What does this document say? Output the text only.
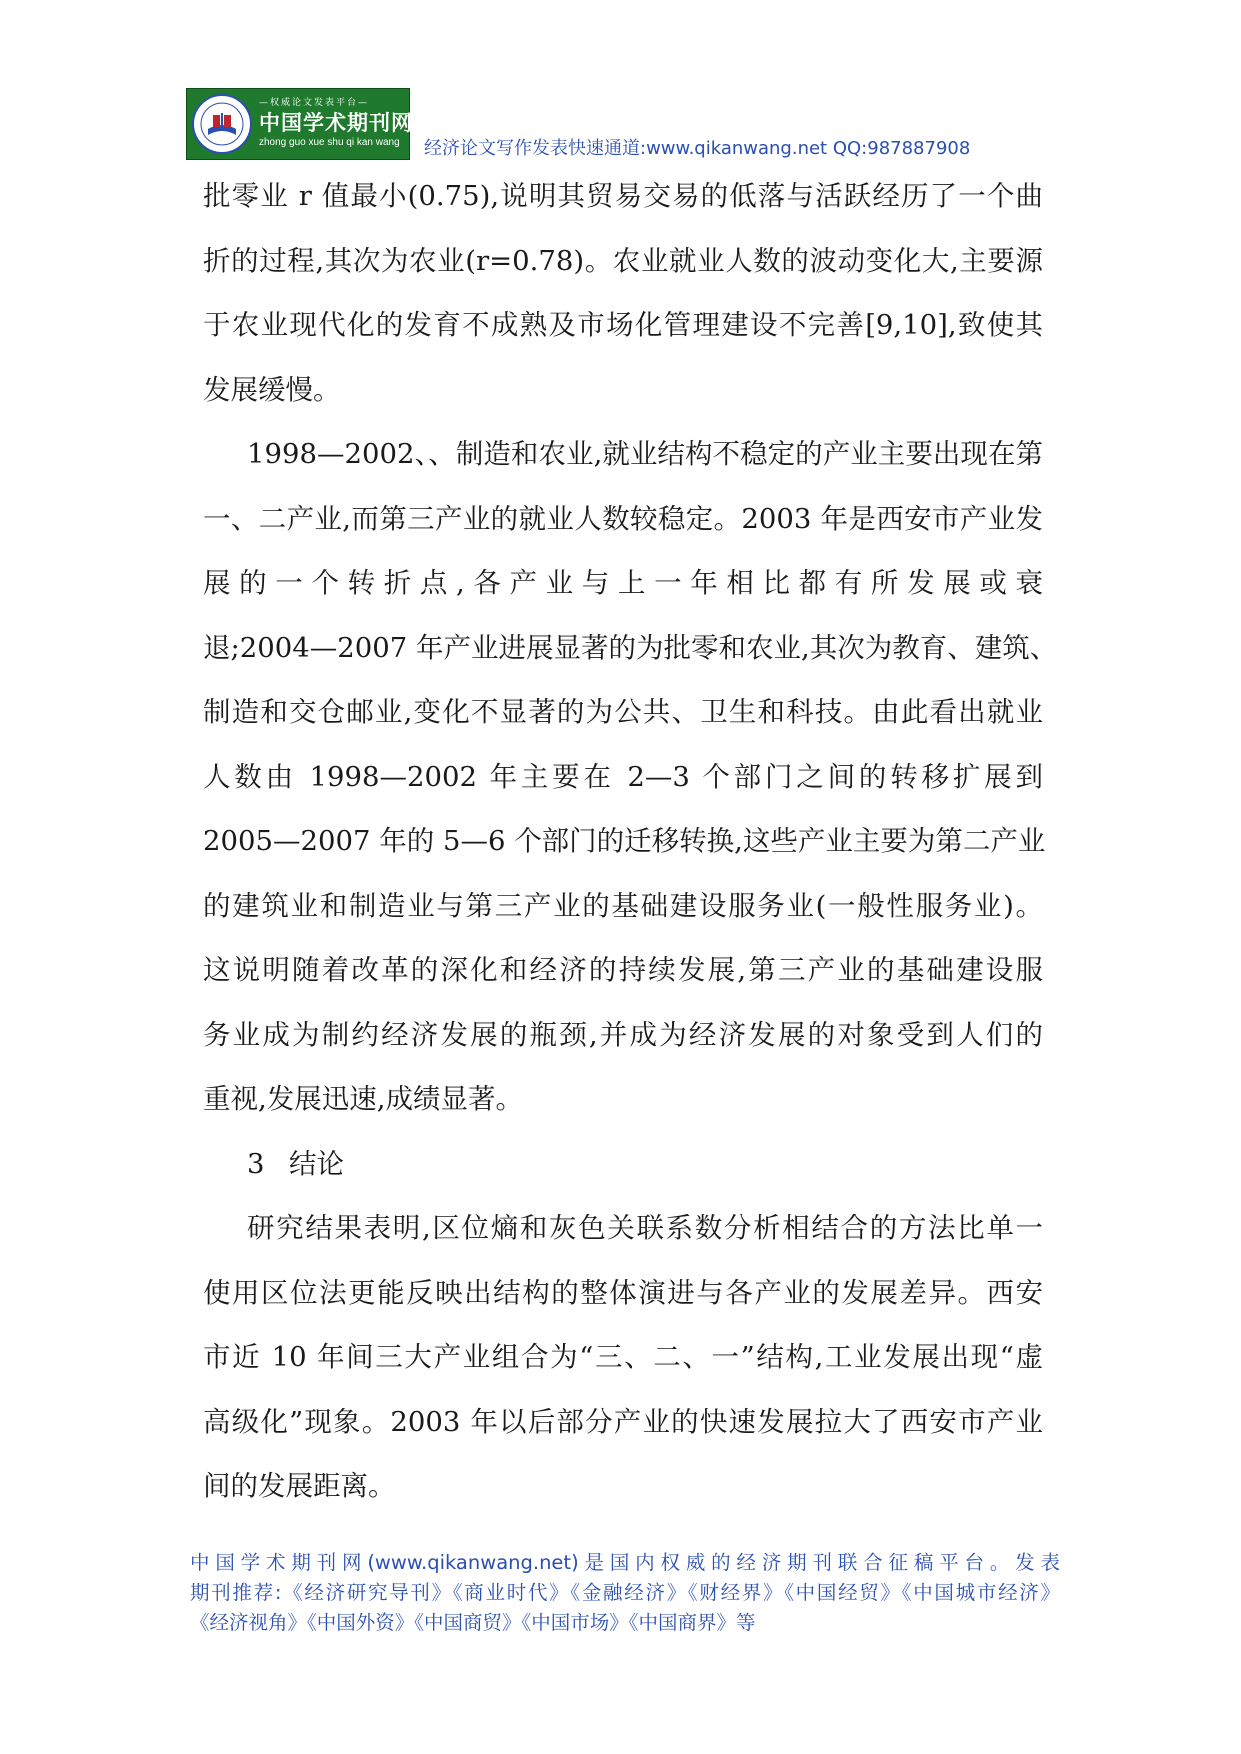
—权威论文发表平台—
中国学术期刊网
zhong guo xue shu qi kan wang 经济论文写作发表快速通道:www.qikanwang.net QQ:987887908
批零业 r 值最小(0.75),说明其贸易交易的低落与活跃经历了一个曲
折的过程,其次为农业(r=0.78)。农业就业人数的波动变化大,主要源
于农业现代化的发育不成熟及市场化管理建设不完善[9,10],致使其
发展缓慢。
1998—2002、、制造和农业,就业结构不稳定的产业主要出现在第
一、二产业,而第三产业的就业人数较稳定。2003 年是西安市产业发
展的一个转折点,各产业与上一年相比都有所发展或衰
退;2004—2007 年产业进展显著的为批零和农业,其次为教育、建筑、
制造和交仓邮业,变化不显著的为公共、卫生和科技。由此看出就业
人数由 1998—2002 年主要在 2—3 个部门之间的转移扩展到
2005—2007 年的 5—6 个部门的迁移转换,这些产业主要为第二产业
的建筑业和制造业与第三产业的基础建设服务业(一般性服务业)。
这说明随着改革的深化和经济的持续发展,第三产业的基础建设服
务业成为制约经济发展的瓶颈,并成为经济发展的对象受到人们的
重视,发展迅速,成绩显著。
3 结论
研究结果表明,区位熵和灰色关联系数分析相结合的方法比单一
使用区位法更能反映出结构的整体演进与各产业的发展差异。西安
市近 10 年间三大产业组合为“三、二、一”结构,工业发展出现“虚
高级化”现象。2003 年以后部分产业的快速发展拉大了西安市产业
间的发展距离。
中国学术期刊网(www.qikanwang.net)是国内权威的经济期刊联合征稿平台。发表
期刊推荐:《经济研究导刊》《商业时代》《金融经济》《财经界》《中国经贸》《中国城市经济》
《经济视角》《中国外资》《中国商贸》《中国市场》《中国商界》等
